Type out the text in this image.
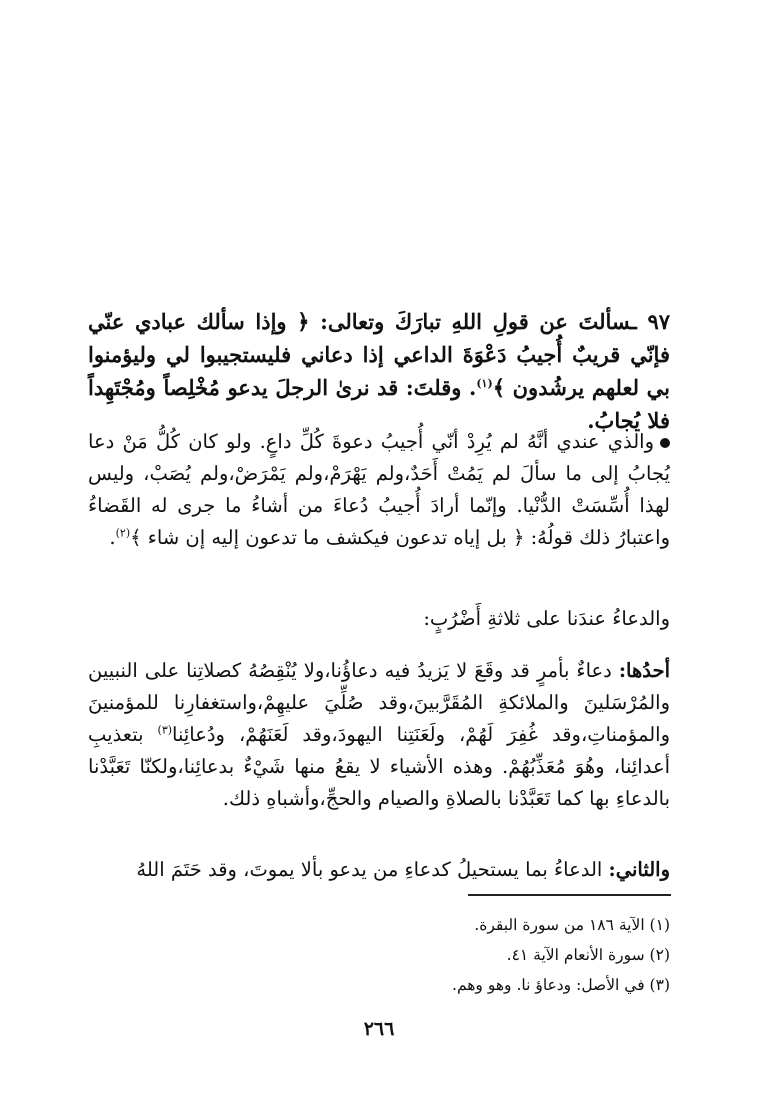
٩٧ ـسألتَ عن قولِ اللهِ تبارَكَ وتعالى: ﴿ وإذا سألك عبادي عنّي فإنّي قريبٌ أُجيبُ دَعْوَةَ الداعي إذا دعاني فليستجيبوا لي وليؤمنوا بي لعلهم يرشُدون ﴾$^{(١)}$. وقلتَ: قد نرىٰ الرجلَ يدعو مُخْلِصاً ومُجْتَهِداً فلا يُجابُ.
والذي عندي أنَّهُ لم يُرِدْ أنّي أُجيبُ دعوةَ كُلِّ داعٍ. ولو كان كُلُّ مَنْ دعا يُجابُ إلى ما سألَ لم يَمُتْ أَحَدٌ،ولم يَهْرَمْ،ولم يَمْرَضْ،ولم يُصَبْ، وليس لهذا أُسِّسَتْ الدُّنْيا. وإنّما أرادَ أُجيبُ دُعاءَ من أشاءُ ما جرى له القَضاءُ واعتبارُ ذلك قولُهُ: ﴿ بل إياه تدعون فيكشف ما تدعون إليه إن شاء ﴾$^{(٢)}$.
والدعاءُ عندَنا على ثلاثةِ أَضْرُبٍ:
أحدُها: دعاءٌ بأمرٍ قد وقَعَ لا يَزيدُ فيه دعاؤُنا،ولا يُنْقِصُهُ كصلاتِنا على النبيين والمُرْسَلينَ والملائكةِ المُقَرَّبينَ،وقد صُلِّيَ عليهِمْ،واستغفارِنا للمؤمنينَ والمؤمناتِ،وقد غُفِرَ لَهُمْ، ولَعَنَتِنا اليهودَ،وقد لَعَنَهُمْ، ودُعائِنا$^{(٣)}$ بتعذيبِ أعدائِنا، وهُوَ مُعَذِّبُهُمْ. وهذه الأشياء لا يقعُ منها شَيْءٌ بدعائِنا،ولكنّا تَعَبَّدْنا بالدعاءِ بها كما تَعَبَّدْنا بالصلاةِ والصيام والحجِّ،وأشباهِ ذلك.
والثاني: الدعاءُ بما يستحيلُ كدعاءِ من يدعو بألا يموتَ، وقد حَتَمَ اللهُ
(١) الآية ١٨٦ من سورة البقرة.
(٢) سورة الأنعام الآية ٤١.
(٣) في الأصل: ودعاؤ نا. وهو وهم.
٢٦٦
